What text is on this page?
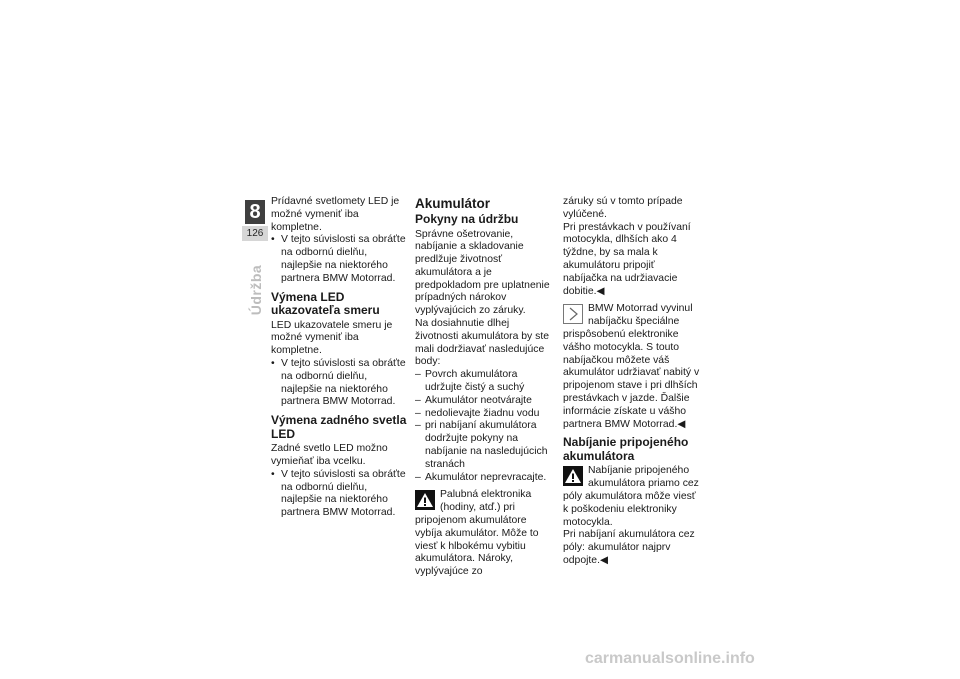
8
126
Údržba

Prídavné svetlomety LED je možné vymeniť iba kompletne.

• V tejto súvislosti sa obráťte na odbornú dielňu, najlepšie na niektorého partnera BMW Motorrad.
Výmena LED ukazovateľa smeru

LED ukazovatele smeru je možné vymeniť iba kompletne.

• V tejto súvislosti sa obráťte na odbornú dielňu, najlepšie na niektorého partnera BMW Motorrad.
Výmena zadného svetla LED

Zadné svetlo LED možno vymieňať iba vcelku.

• V tejto súvislosti sa obráťte na odbornú dielňu, najlepšie na niektorého partnera BMW Motorrad.
Akumulátor
Pokyny na údržbu

Správne ošetrovanie, nabíjanie a skladovanie predlžuje životnosť akumulátora a je predpokladom pre uplatnenie prípadných nárokov vyplývajúcich zo záruky.

Na dosiahnutie dlhej životnosti akumulátora by ste mali dodržiavať nasledujúce body:

– Povrch akumulátora udržujte čistý a suchý
– Akumulátor neotvárajte
– nedolievajte žiadnu vodu
– pri nabíjaní akumulátora dodržujte pokyny na nabíjanie na nasledujúcich stranách
– Akumulátor neprevracajte.
Palubná elektronika (hodiny, atď.) pri pripojenom akumulátore vybíja akumulátor. Môže to viesť k hlbokému vybitiu akumulátora. Nároky, vyplývajúce zo

záruky sú v tomto prípade vylúčené.

Pri prestávkach v používaní motocykla, dlhších ako 4 týždne, by sa mala k akumulátoru pripojiť nabíjačka na udržiavacie dobitie.◀

BMW Motorrad vyvinul nabíjačku špeciálne prispôsobenú elektronike vášho motocykla. S touto nabíjačkou môžete váš akumulátor udržiavať nabitý v pripojenom stave i pri dlhších prestávkach v jazde. Ďalšie informácie získate u vášho partnera BMW Motorrad.◀
Nabíjanie pripojeného akumulátora
Nabíjanie pripojeného akumulátora priamo cez póly akumulátora môže viesť k poškodeniu elektroniky motocykla.

Pri nabíjaní akumulátora cez póly: akumulátor najprv odpojte.◀

carmanualsonline.info
